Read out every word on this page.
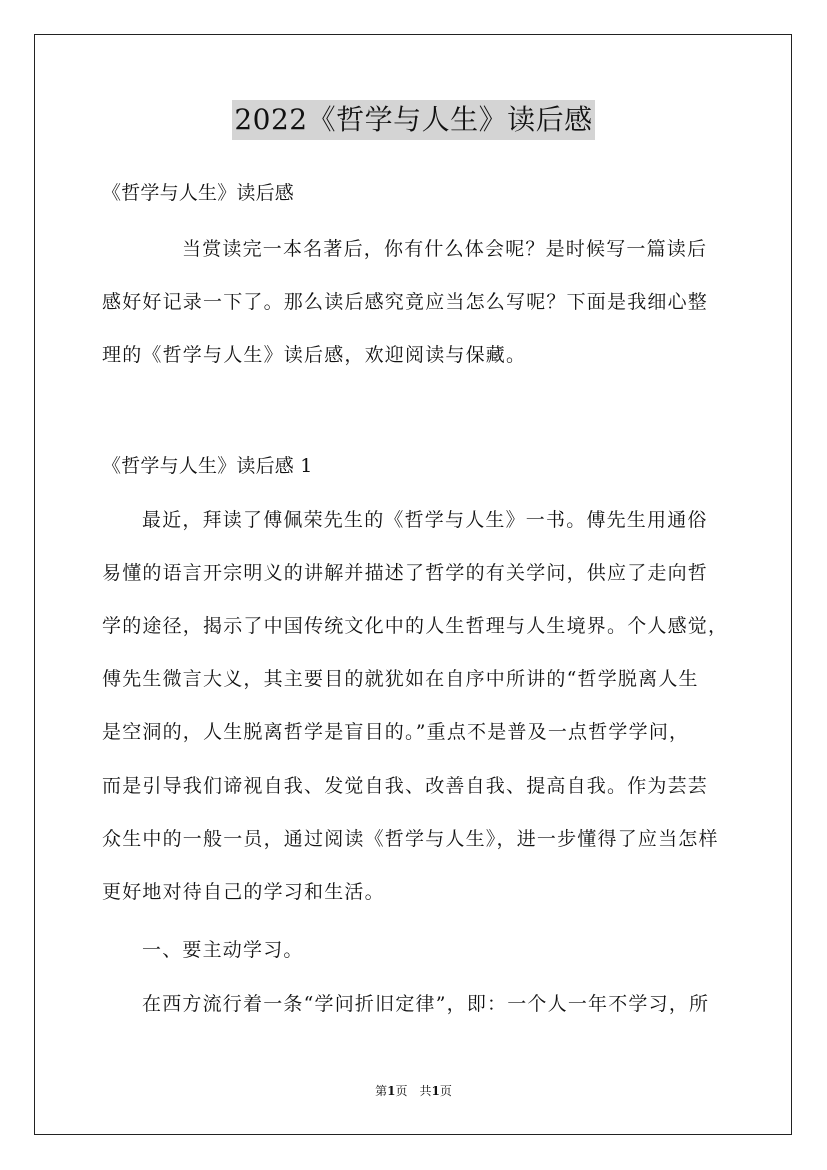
2022《哲学与人生》读后感
《哲学与人生》读后感
当赏读完一本名著后，你有什么体会呢？是时候写一篇读后
感好好记录一下了。那么读后感究竟应当怎么写呢？下面是我细心整
理的《哲学与人生》读后感，欢迎阅读与保藏。
《哲学与人生》读后感 1
最近，拜读了傅佩荣先生的《哲学与人生》一书。傅先生用通俗
易懂的语言开宗明义的讲解并描述了哲学的有关学问，供应了走向哲
学的途径，揭示了中国传统文化中的人生哲理与人生境界。个人感觉，
傅先生微言大义，其主要目的就犹如在自序中所讲的“哲学脱离人生
是空洞的，人生脱离哲学是盲目的。”重点不是普及一点哲学学问，
而是引导我们谛视自我、发觉自我、改善自我、提高自我。作为芸芸
众生中的一般一员，通过阅读《哲学与人生》，进一步懂得了应当怎样
更好地对待自己的学习和生活。
一、要主动学习。
在西方流行着一条“学问折旧定律”，即：一个人一年不学习，所
第1页　共1页
